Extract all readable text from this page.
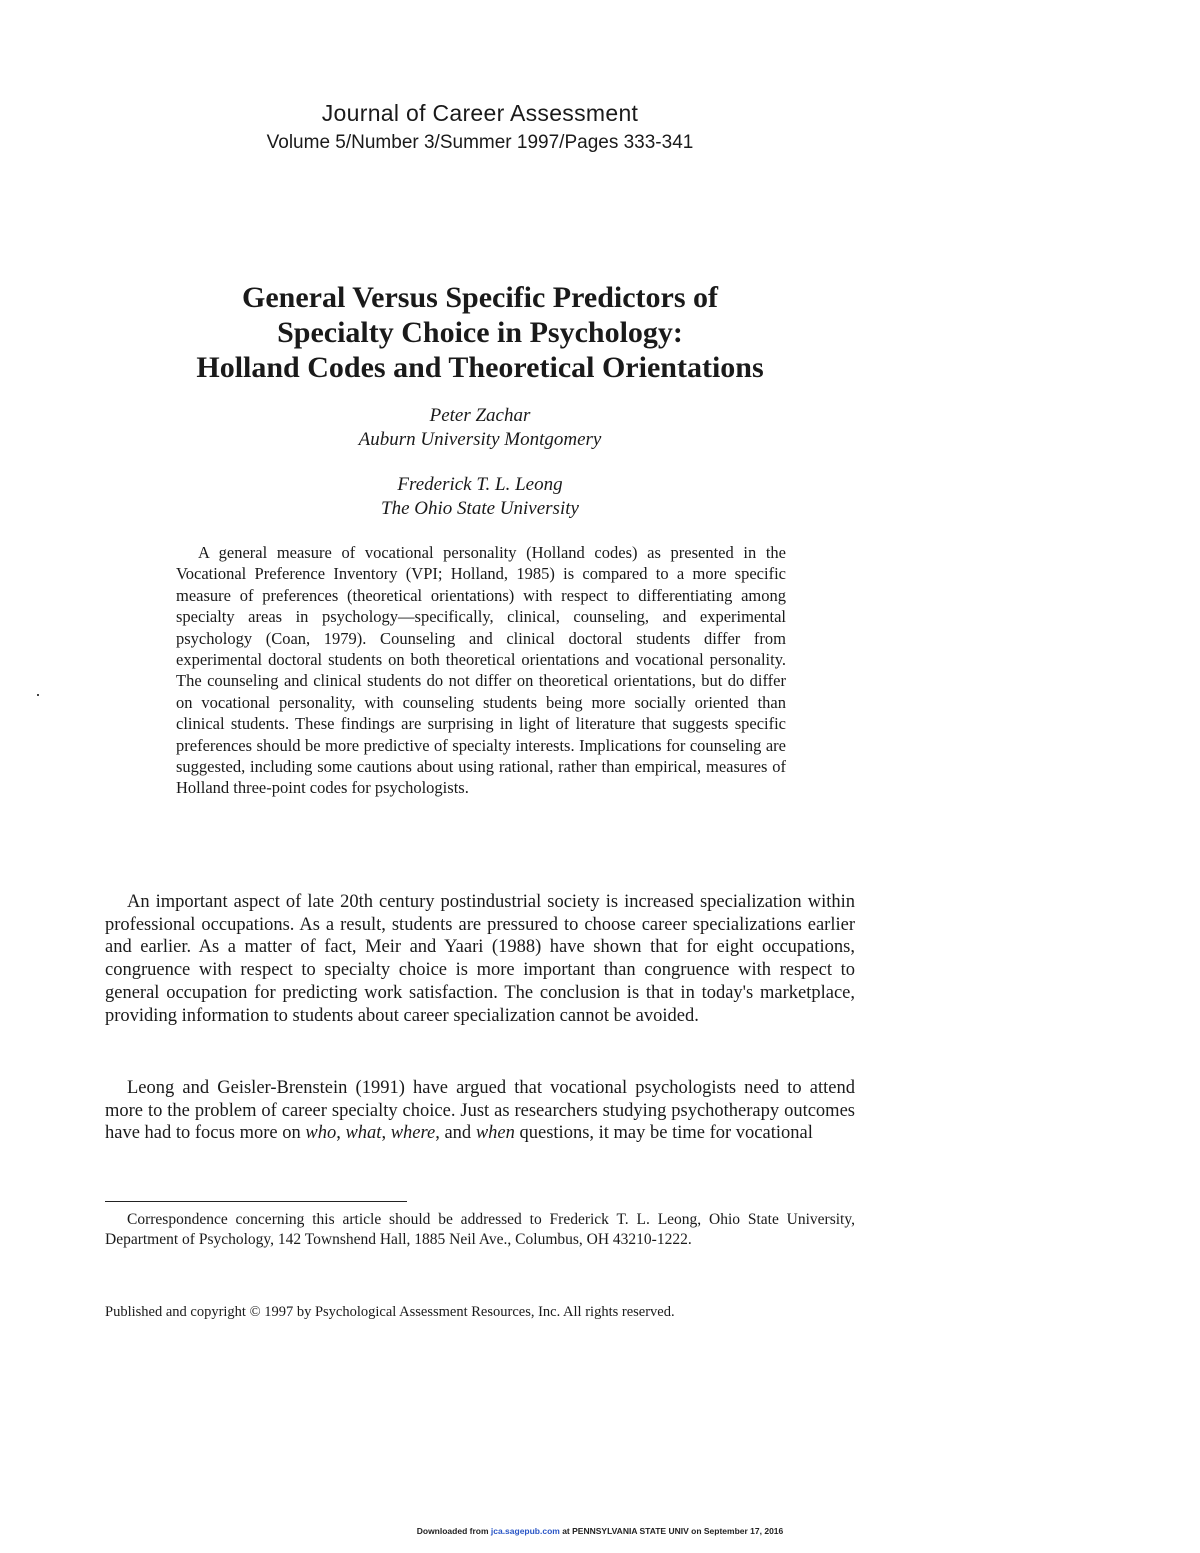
Journal of Career Assessment
Volume 5/Number 3/Summer 1997/Pages 333-341
General Versus Specific Predictors of
Specialty Choice in Psychology:
Holland Codes and Theoretical Orientations
Peter Zachar
Auburn University Montgomery
Frederick T. L. Leong
The Ohio State University

A general measure of vocational personality (Holland codes) as presented in the Vocational Preference Inventory (VPI; Holland, 1985) is compared to a more specific measure of preferences (theoretical orientations) with respect to differentiating among specialty areas in psychology—specifically, clinical, counseling, and experimental psychology (Coan, 1979). Counseling and clinical doctoral students differ from experimental doctoral students on both theoretical orientations and vocational personality. The counseling and clinical students do not differ on theoretical orientations, but do differ on vocational personality, with counseling students being more socially oriented than clinical students. These findings are surprising in light of literature that suggests specific preferences should be more predictive of specialty interests. Implications for counseling are suggested, including some cautions about using rational, rather than empirical, measures of Holland three-point codes for psychologists.

An important aspect of late 20th century postindustrial society is increased specialization within professional occupations. As a result, students are pressured to choose career specializations earlier and earlier. As a matter of fact, Meir and Yaari (1988) have shown that for eight occupations, congruence with respect to specialty choice is more important than congruence with respect to general occupation for predicting work satisfaction. The conclusion is that in today's marketplace, providing information to students about career specialization cannot be avoided.

Leong and Geisler-Brenstein (1991) have argued that vocational psychologists need to attend more to the problem of career specialty choice. Just as researchers studying psychotherapy outcomes have had to focus more on who, what, where, and when questions, it may be time for vocational

Correspondence concerning this article should be addressed to Frederick T. L. Leong, Ohio State University, Department of Psychology, 142 Townshend Hall, 1885 Neil Ave., Columbus, OH 43210-1222.

Published and copyright © 1997 by Psychological Assessment Resources, Inc. All rights reserved.

Downloaded from jca.sagepub.com at PENNSYLVANIA STATE UNIV on September 17, 2016
